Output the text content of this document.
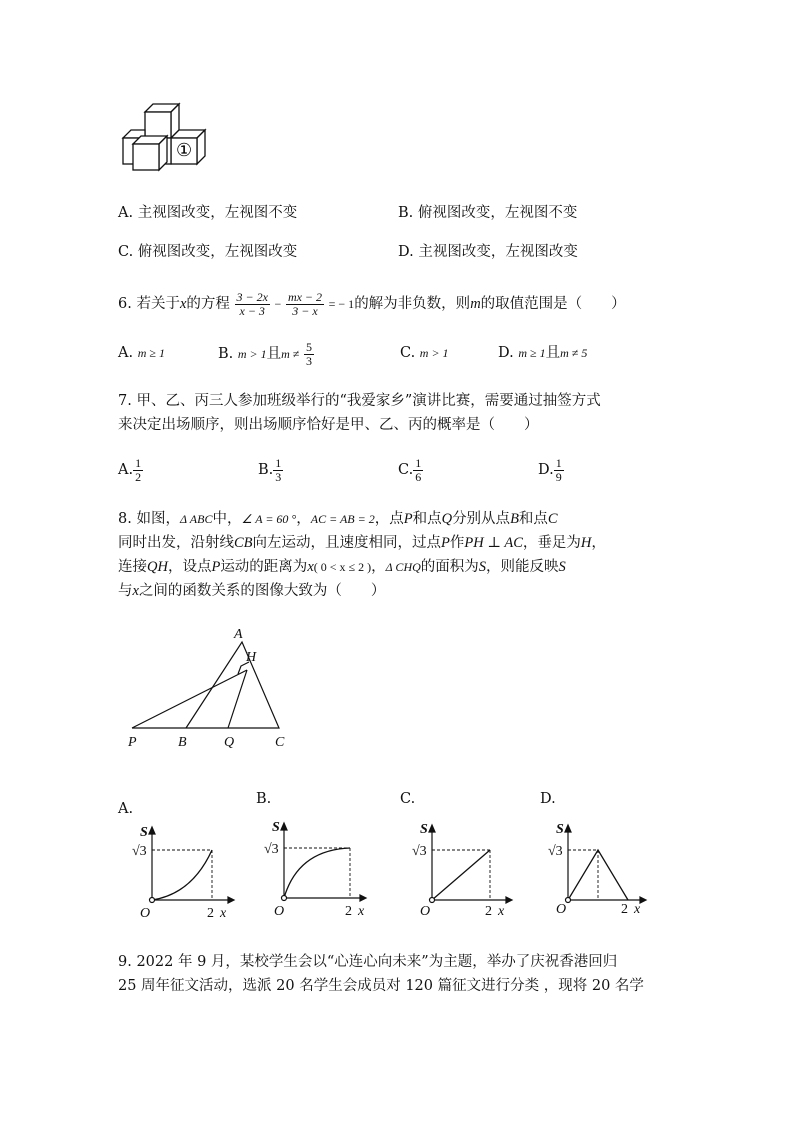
①
A. 主视图改变，左视图不变	B. 俯视图改变，左视图不变
C. 俯视图改变，左视图改变	D. 主视图改变，左视图改变
6. 若关于x的方程 $\frac{3 - 2x}{x - 3} - \frac{mx - 2}{3 - x}$ = − 1的解为非负数，则m的取值范围是（　　）
A. m ≥ 1	B. m > 1且$m \ne \frac{5}{3}$	C. m > 1	D. m ≥ 1且m ≠ 5
7. 甲、乙、丙三人参加班级举行的“我爱家乡”演讲比赛，需要通过抽签方式
来决定出场顺序，则出场顺序恰好是甲、乙、丙的概率是（　　）
A. $\frac{1}{2}$	B. $\frac{1}{3}$	C. $\frac{1}{6}$	D. $\frac{1}{9}$
8. 如图，Δ ABC中，∠ A = 60 °，AC = AB = 2，点P和点Q分别从点B和点C
同时出发，沿射线CB向左运动，且速度相同，过点P作PH ⊥ AC，垂足为H，
连接QH，设点P运动的距离为x( 0 < x ≤ 2 )，Δ CHQ的面积为S，则能反映S
与x之间的函数关系的图像大致为（　　）
A
H
P	B	Q	C
A.
B.	C.	D.
S
√3
O	2 x
S
√3
O	2 x
S
√3
O	2 x
S
√3
O	2 x
9. 2022 年 9 月，某校学生会以“心连心向未来”为主题，举办了庆祝香港回归
25 周年征文活动，选派 20 名学生会成员对 120 篇征文进行分类 ，现将 20 名学
